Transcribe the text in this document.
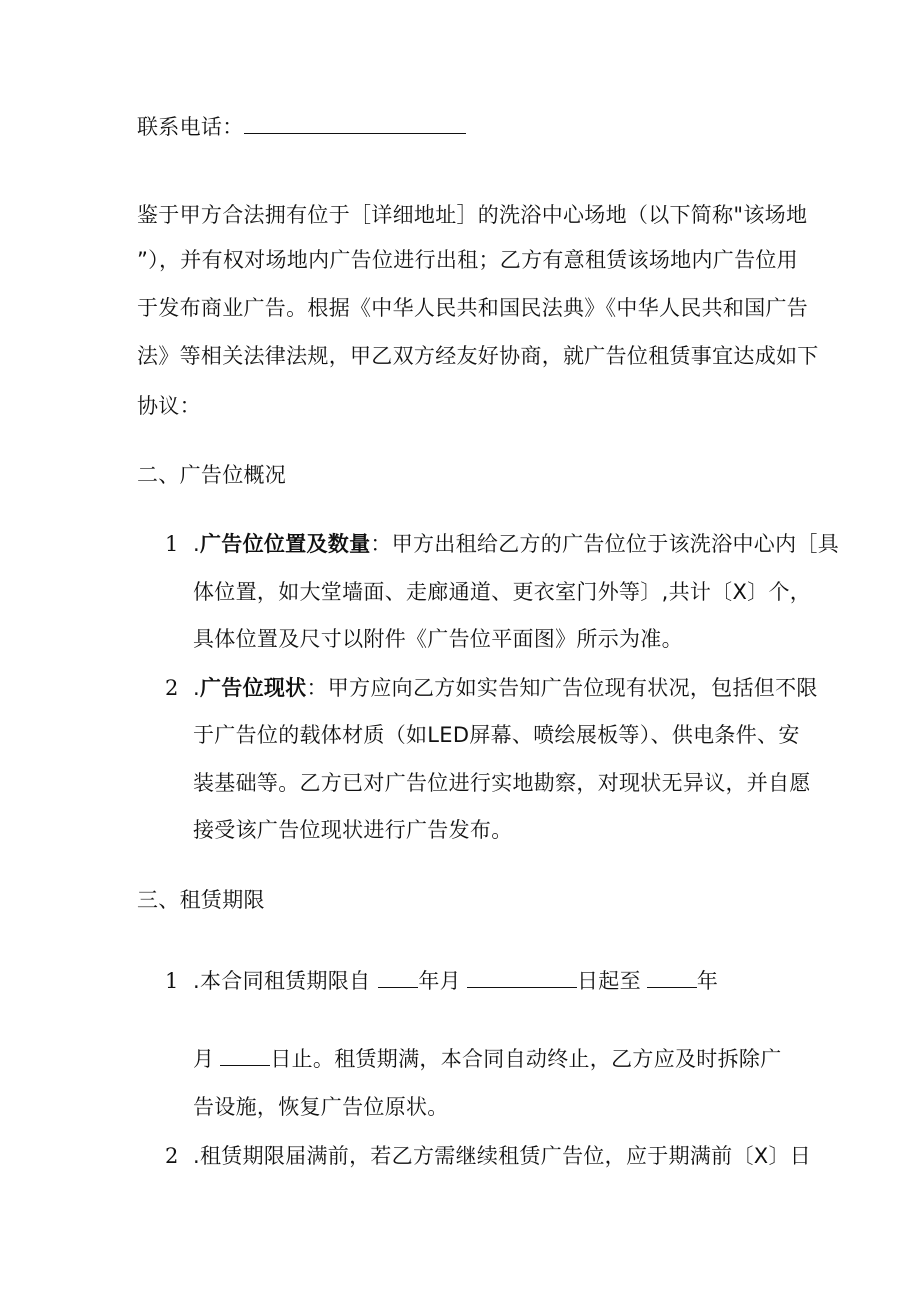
联系电话：
鉴于甲方合法拥有位于［详细地址］的洗浴中心场地（以下简称"该场地
”），并有权对场地内广告位进行出租；乙方有意租赁该场地内广告位用
于发布商业广告。根据《中华人民共和国民法典》《中华人民共和国广告
法》等相关法律法规，甲乙双方经友好协商，就广告位租赁事宜达成如下
协议：
二、广告位概况
1 .广告位位置及数量：甲方出租给乙方的广告位位于该洗浴中心内［具
体位置，如大堂墙面、走廊通道、更衣室门外等〕,共计〔X〕个，
具体位置及尺寸以附件《广告位平面图》所示为准。
2 .广告位现状：甲方应向乙方如实告知广告位现有状况，包括但不限
于广告位的载体材质（如LED屏幕、喷绘展板等）、供电条件、安
装基础等。乙方已对广告位进行实地勘察，对现状无异议，并自愿
接受该广告位现状进行广告发布。
三、租赁期限
1 .本合同租赁期限自 年月	日起至	年
月	日止。租赁期满，本合同自动终止，乙方应及时拆除广
告设施，恢复广告位原状。
2 .租赁期限届满前，若乙方需继续租赁广告位，应于期满前〔X〕日
